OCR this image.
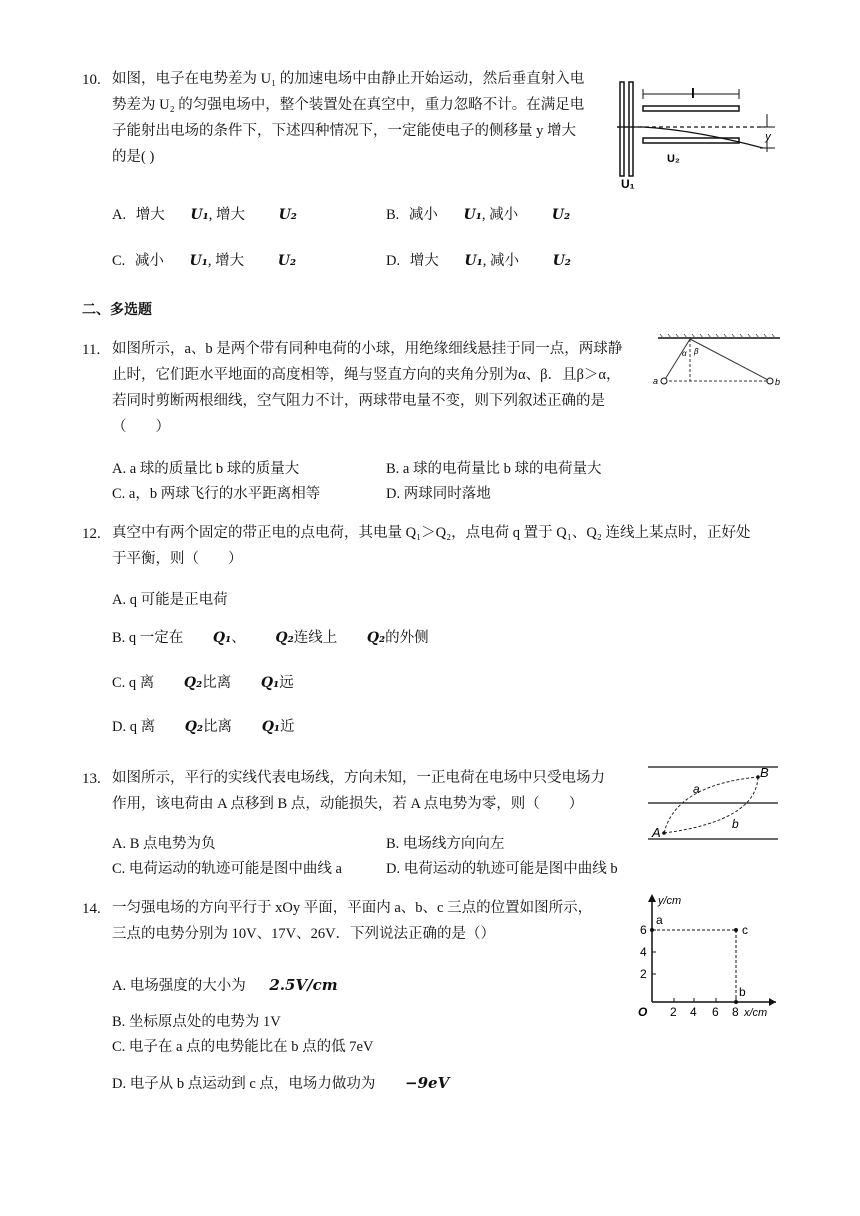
10. 如图，电子在电势差为 U₁ 的加速电场中由静止开始运动，然后垂直射入电
势差为 U₂ 的匀强电场中，整个装置处在真空中，重力忽略不计。在满足电
子能射出电场的条件下，下述四种情况下，一定能使电子的侧移量 y 增大
的是( )
l
y
U₂
U₁
A. 增大 U₁, 增大 U₂	B. 减小 U₁, 减小 U₂
C. 减小 U₁, 增大 U₂	D. 增大 U₁, 减小 U₂
二、多选题
11. 如图所示，a、b 是两个带有同种电荷的小球，用绝缘细线悬挂于同一点，两球静
止时，它们距水平地面的高度相等，绳与竖直方向的夹角分别为α、β．且β＞α，
若同时剪断两根细线，空气阻力不计，两球带电量不变，则下列叙述正确的是
（　　）
α β
a	b
A. a 球的质量比 b 球的质量大	B. a 球的电荷量比 b 球的电荷量大
C. a，b 两球飞行的水平距离相等	D. 两球同时落地
12. 真空中有两个固定的带正电的点电荷，其电量 Q₁＞Q₂，点电荷 q 置于 Q₁、Q₂ 连线上某点时，正好处
于平衡，则（　　）
A. q 可能是正电荷
B. q 一定在 Q₁、 Q₂连线上 Q₂的外侧
C. q 离 Q₂比离 Q₁远
D. q 离 Q₂比离 Q₁近
13. 如图所示，平行的实线代表电场线，方向未知，一正电荷在电场中只受电场力
作用，该电荷由 A 点移到 B 点，动能损失，若 A 点电势为零，则（　　）
A
B
a
b
A. B 点电势为负	B. 电场线方向向左
C. 电荷运动的轨迹可能是图中曲线 a	D. 电荷运动的轨迹可能是图中曲线 b
14. 一匀强电场的方向平行于 xOy 平面，平面内 a、b、c 三点的位置如图所示，
三点的电势分别为 10V、17V、26V．下列说法正确的是（）
y/cm
x/cm
O
2
4
6
2 4 6 8
a
c
b
A. 电场强度的大小为 2.5V/cm
B. 坐标原点处的电势为 1V
C. 电子在 a 点的电势能比在 b 点的低 7eV
D. 电子从 b 点运动到 c 点，电场力做功为 −9eV
